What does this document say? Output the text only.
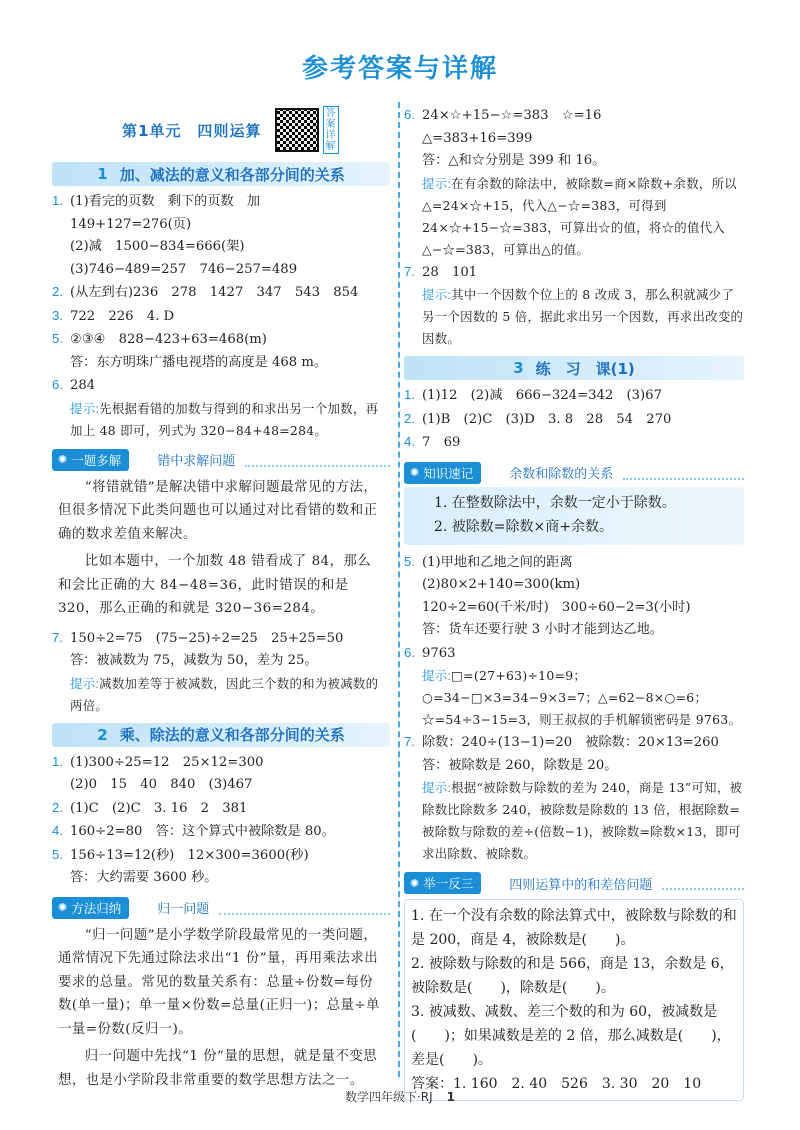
参考答案与详解
第1单元　四则运算
答案详解
1 加、减法的意义和各部分间的关系
1. (1)看完的页数　剩下的页数　加
149+127=276(页)
(2)减　1500−834=666(架)
(3)746−489=257　746−257=489
2. (从左到右)236　278　1427　347　543　854
3. 722　226　4. D
5. ②③④　828−423+63=468(m)
答：东方明珠广播电视塔的高度是 468 m。
6. 284
提示:先根据看错的加数与得到的和求出另一个加数，再加上 48 即可，列式为 320−84+48=284。
✺ 一题多解	错中求解问题
“将错就错”是解决错中求解问题最常见的方法，但很多情况下此类问题也可以通过对比看错的数和正确的数求差值来解决。
比如本题中，一个加数 48 错看成了 84，那么和会比正确的大 84−48=36，此时错误的和是 320，那么正确的和就是 320−36=284。
7. 150÷2=75　(75−25)÷2=25　25+25=50
答：被减数为 75，减数为 50，差为 25。
提示:减数加差等于被减数，因此三个数的和为被减数的两倍。
2 乘、除法的意义和各部分间的关系
1. (1)300÷25=12　25×12=300
(2)0　15　40　840　(3)467
2. (1)C　(2)C　3. 16　2　381
4. 160÷2=80　答：这个算式中被除数是 80。
5. 156÷13=12(秒)　12×300=3600(秒)
答：大约需要 3600 秒。
✺ 方法归纳	归一问题
“归一问题”是小学数学阶段最常见的一类问题，通常情况下先通过除法求出“1 份”量，再用乘法求出要求的总量。常见的数量关系有：总量÷份数=每份数(单一量)；单一量×份数=总量(正归一)；总量÷单一量=份数(反归一)。
归一问题中先找“1 份”量的思想，就是量不变思想，也是小学阶段非常重要的数学思想方法之一。
6. 24×☆+15−☆=383　☆=16
△=383+16=399
答：△和☆分别是 399 和 16。
提示:在有余数的除法中，被除数=商×除数+余数，所以△=24×☆+15，代入△−☆=383，可得到 24×☆+15−☆=383，可算出☆的值，将☆的值代入△−☆=383，可算出△的值。
7. 28　101
提示:其中一个因数个位上的 8 改成 3，那么积就减少了另一个因数的 5 倍，据此求出另一个因数，再求出改变的因数。
3 练　习　课(1)
1. (1)12　(2)减　666−324=342　(3)67
2. (1)B　(2)C　(3)D　3. 8　28　54　270
4. 7　69
✺ 知识速记	余数和除数的关系
1. 在整数除法中，余数一定小于除数。
2. 被除数=除数×商+余数。
5. (1)甲地和乙地之间的距离
(2)80×2+140=300(km)
120÷2=60(千米/时)　300÷60−2=3(小时)
答：货车还要行驶 3 小时才能到达乙地。
6. 9763
提示:□=(27+63)÷10=9；○=34−□×3=34−9×3=7；△=62−8×○=6；☆=54÷3−15=3，则王叔叔的手机解锁密码是 9763。
7. 除数：240÷(13−1)=20　被除数：20×13=260
答：被除数是 260，除数是 20。
提示:根据“被除数与除数的差为 240，商是 13”可知，被除数比除数多 240，被除数是除数的 13 倍，根据除数=被除数与除数的差÷(倍数−1)，被除数=除数×13，即可求出除数、被除数。
✺ 举一反三	四则运算中的和差倍问题
1. 在一个没有余数的除法算式中，被除数与除数的和是 200，商是 4，被除数是(　　)。
2. 被除数与除数的和是 566，商是 13，余数是 6，被除数是(　　)，除数是(　　)。
3. 被减数、减数、差三个数的和为 60，被减数是(　　)；如果减数是差的 2 倍，那么减数是(　　)，差是(　　)。
答案：1. 160　2. 40　526　3. 30　20　10
数学四年级下·RJ 1
